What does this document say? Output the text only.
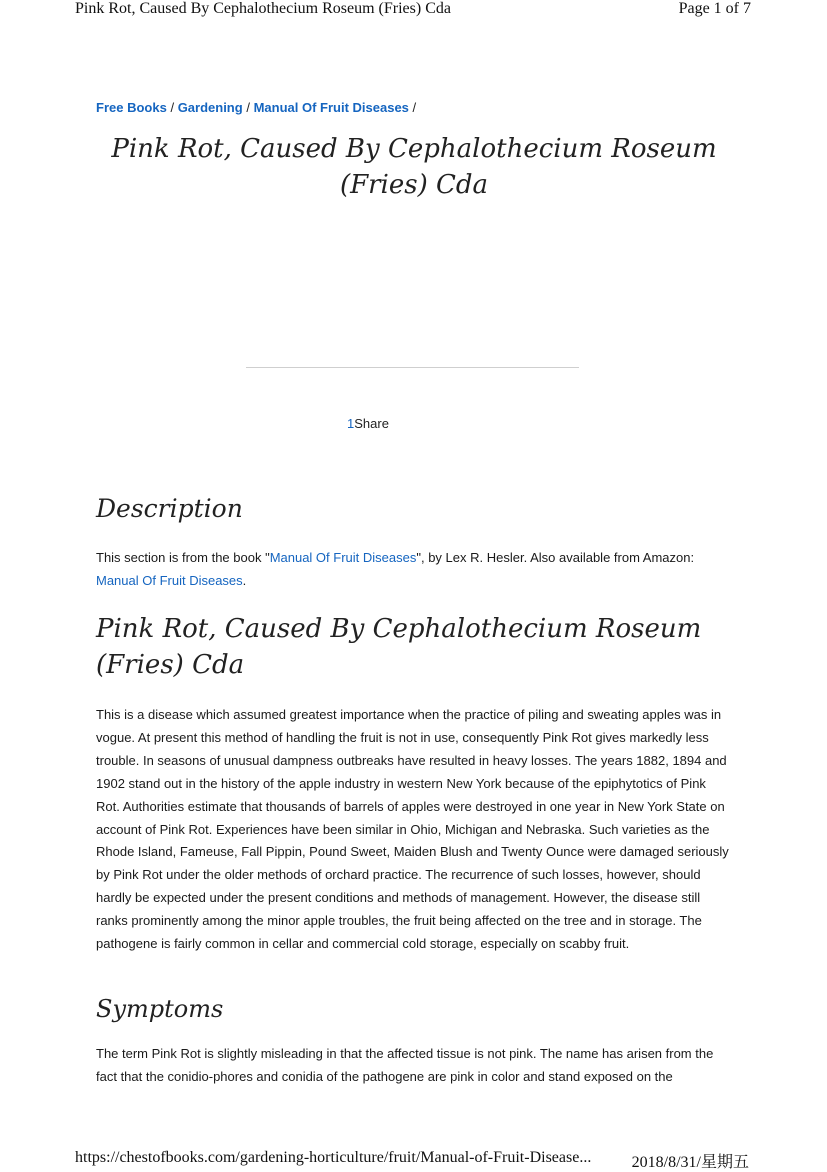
Pink Rot, Caused By Cephalothecium Roseum (Fries) Cda	Page 1 of 7
Free Books / Gardening / Manual Of Fruit Diseases /
Pink Rot, Caused By Cephalothecium Roseum (Fries) Cda
1Share
Description

This section is from the book "Manual Of Fruit Diseases", by Lex R. Hesler. Also available from Amazon: Manual Of Fruit Diseases.

Pink Rot, Caused By Cephalothecium Roseum (Fries) Cda

This is a disease which assumed greatest importance when the practice of piling and sweating apples was in vogue. At present this method of handling the fruit is not in use, consequently Pink Rot gives markedly less trouble. In seasons of unusual dampness outbreaks have resulted in heavy losses. The years 1882, 1894 and 1902 stand out in the history of the apple industry in western New York because of the epiphytotics of Pink Rot. Authorities estimate that thousands of barrels of apples were destroyed in one year in New York State on account of Pink Rot. Experiences have been similar in Ohio, Michigan and Nebraska. Such varieties as the Rhode Island, Fameuse, Fall Pippin, Pound Sweet, Maiden Blush and Twenty Ounce were damaged seriously by Pink Rot under the older methods of orchard practice. The recurrence of such losses, however, should hardly be expected under the present conditions and methods of management. However, the disease still ranks prominently among the minor apple troubles, the fruit being affected on the tree and in storage. The pathogene is fairly common in cellar and commercial cold storage, especially on scabby fruit.

Symptoms

The term Pink Rot is slightly misleading in that the affected tissue is not pink. The name has arisen from the fact that the conidio-phores and conidia of the pathogene are pink in color and stand exposed on the

https://chestofbooks.com/gardening-horticulture/fruit/Manual-of-Fruit-Disease...	2018/8/31/星期五
